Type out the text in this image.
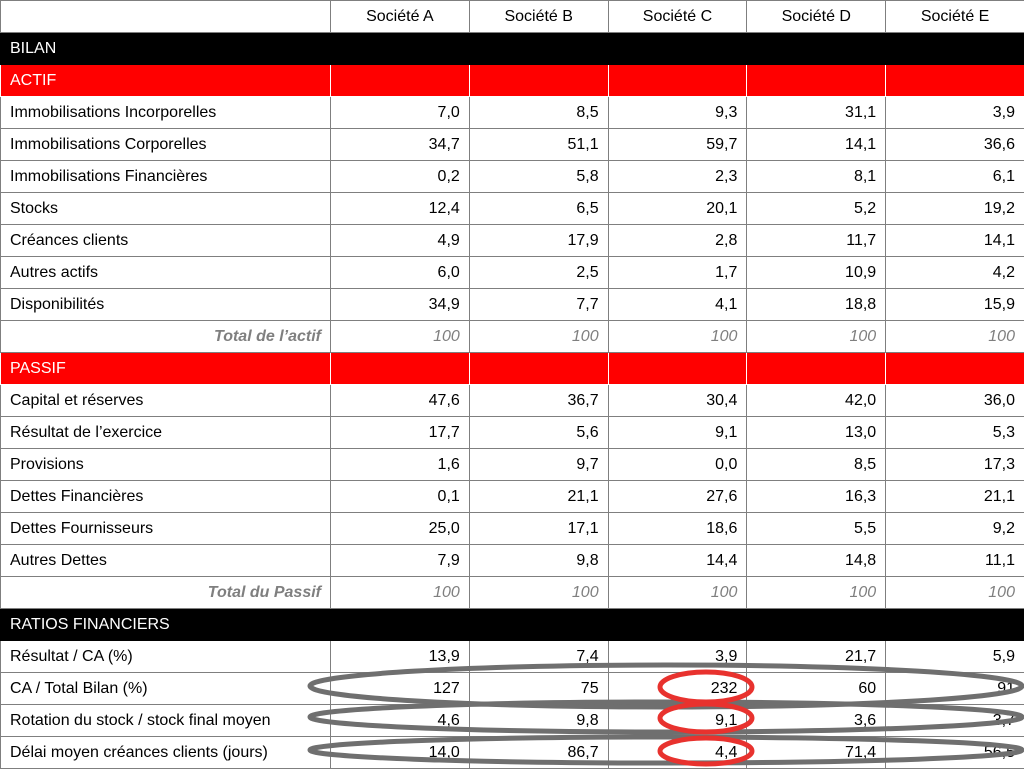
	Société A	Société B	Société C	Société D	Société E
BILAN					
ACTIF					
Immobilisations Incorporelles	7,0	8,5	9,3	31,1	3,9
Immobilisations Corporelles	34,7	51,1	59,7	14,1	36,6
Immobilisations Financières	0,2	5,8	2,3	8,1	6,1
Stocks	12,4	6,5	20,1	5,2	19,2
Créances clients	4,9	17,9	2,8	11,7	14,1
Autres actifs	6,0	2,5	1,7	10,9	4,2
Disponibilités	34,9	7,7	4,1	18,8	15,9
Total de l’actif	100	100	100	100	100
PASSIF					
Capital et réserves	47,6	36,7	30,4	42,0	36,0
Résultat de l’exercice	17,7	5,6	9,1	13,0	5,3
Provisions	1,6	9,7	0,0	8,5	17,3
Dettes Financières	0,1	21,1	27,6	16,3	21,1
Dettes Fournisseurs	25,0	17,1	18,6	5,5	9,2
Autres Dettes	7,9	9,8	14,4	14,8	11,1
Total du Passif	100	100	100	100	100
RATIOS FINANCIERS					
Résultat / CA (%)	13,9	7,4	3,9	21,7	5,9
CA / Total Bilan (%)	127	75	232	60	91
Rotation du stock / stock final moyen	4,6	9,8	9,1	3,6	3,7
Délai moyen créances clients (jours)	14,0	86,7	4,4	71,4	56,5
